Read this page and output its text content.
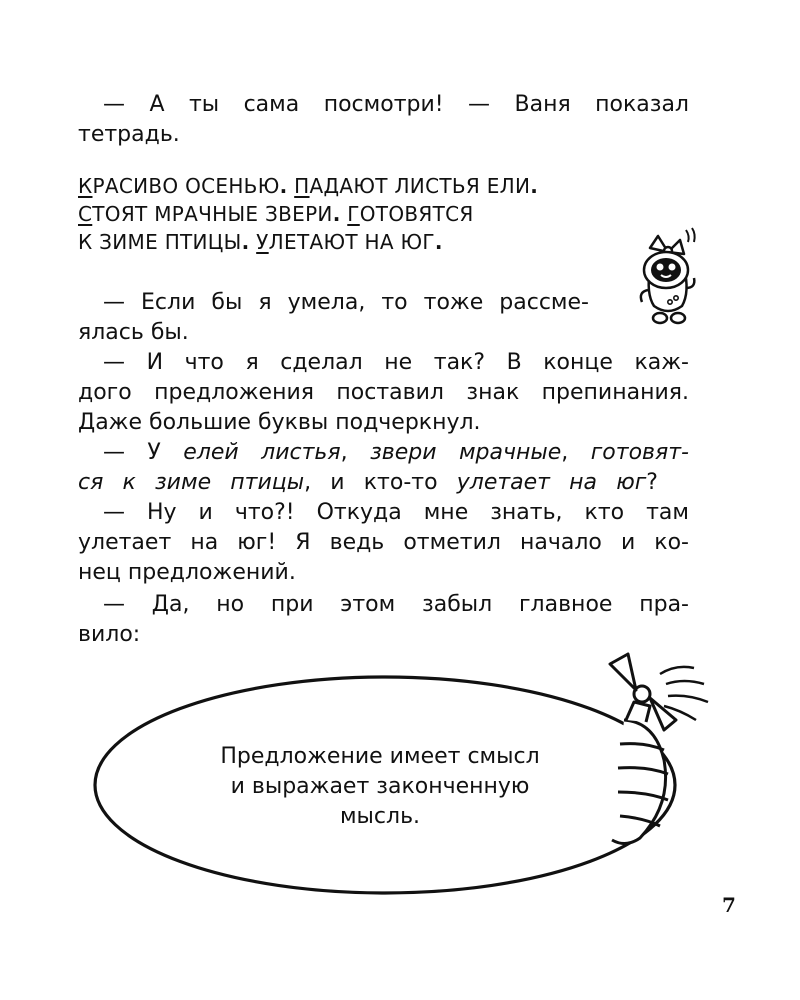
— А ты сама посмотри! — Ваня показал

тетрадь.

КРАСИВО ОСЕНЬЮ. ПАДАЮТ ЛИСТЬЯ ЕЛИ.

СТОЯТ МРАЧНЫЕ ЗВЕРИ. ГОТОВЯТСЯ

К ЗИМЕ ПТИЦЫ. УЛЕТАЮТ НА ЮГ.

— Если бы я умела, то тоже рассме-

ялась бы.

— И что я сделал не так? В конце каж-

дого предложения поставил знак препинания.

Даже большие буквы подчеркнул.

— У елей листья, звери мрачные, готовят-

ся к зиме птицы, и кто-то улетает на юг?

— Ну и что?! Откуда мне знать, кто там

улетает на юг! Я ведь отметил начало и ко-

нец предложений.

— Да, но при этом забыл главное пра-

вило:

Предложение имеет смысл
и выражает законченную
мысль.
7
